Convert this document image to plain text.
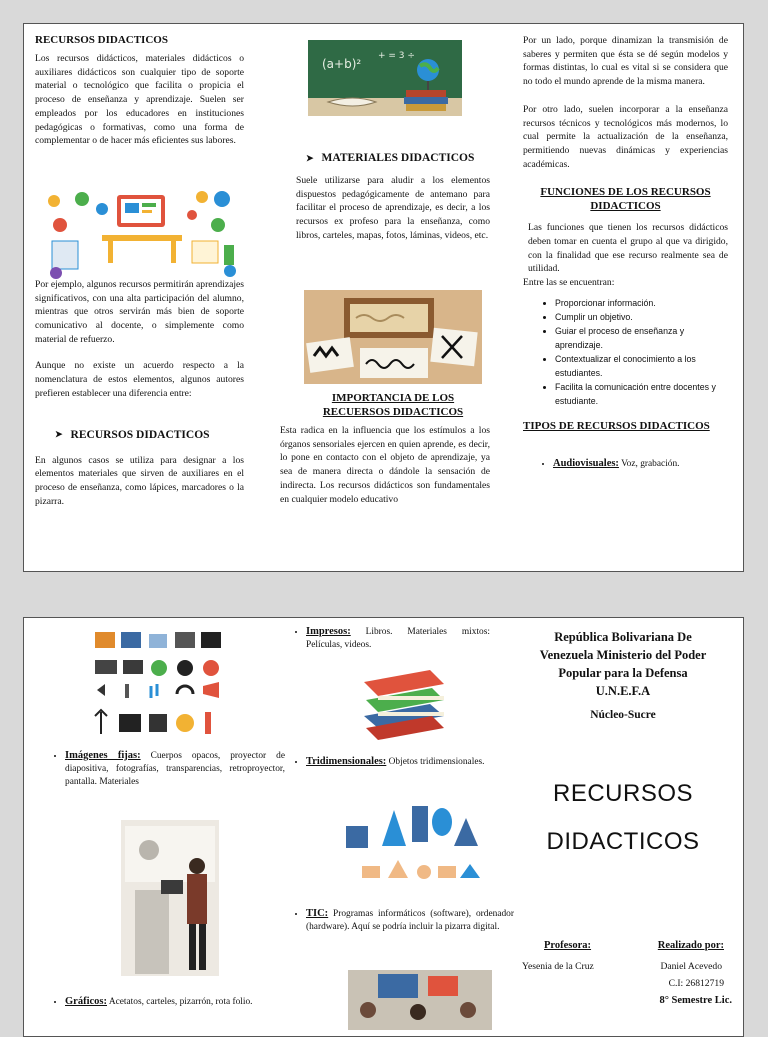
RECURSOS DIDACTICOS

Los recursos didácticos, materiales didácticos o auxiliares didácticos son cualquier tipo de soporte material o tecnológico que facilita o propicia el proceso de enseñanza y aprendizaje. Suelen ser empleados por los educadores en instituciones pedagógicas o formativas, como una forma de complementar o de hacer más eficientes sus labores.

Por ejemplo, algunos recursos permitirán aprendizajes significativos, con una alta participación del alumno, mientras que otros servirán más bien de soporte comunicativo al docente, o simplemente como material de refuerzo.

Aunque no existe un acuerdo respecto a la nomenclatura de estos elementos, algunos autores prefieren establecer una diferencia entre:

➤ RECURSOS DIDACTICOS

En algunos casos se utiliza para designar a los elementos materiales que sirven de auxiliares en el proceso de enseñanza, como lápices, marcadores o la pizarra.

(a+b)²
+ = 3 ÷
➤ MATERIALES DIDACTICOS

Suele utilizarse para aludir a los elementos dispuestos pedagógicamente de antemano para facilitar el proceso de aprendizaje, es decir, a los recursos ex profeso para la enseñanza, como libros, carteles, mapas, fotos, láminas, videos, etc.

IMPORTANCIA DE LOS
RECUERSOS DIDACTICOS

Esta radica en la influencia que los estímulos a los órganos sensoriales ejercen en quien aprende, es decir, lo pone en contacto con el objeto de aprendizaje, ya sea de manera directa o dándole la sensación de indirecta. Los recursos didácticos son fundamentales en cualquier modelo educativo

Por un lado, porque dinamizan la transmisión de saberes y permiten que ésta se dé según modelos y formas distintas, lo cual es vital si se considera que no todo el mundo aprende de la misma manera.

Por otro lado, suelen incorporar a la enseñanza recursos técnicos y tecnológicos más modernos, lo cual permite la actualización de la enseñanza, permitiendo nuevas dinámicas y experiencias académicas.

FUNCIONES DE LOS RECURSOS
DIDACTICOS

Las funciones que tienen los recursos didácticos deben tomar en cuenta el grupo al que va dirigido, con la finalidad que ese recurso realmente sea de utilidad.

Entre las se encuentran:

• Proporcionar información.
• Cumplir un objetivo.
• Guiar el proceso de enseñanza y aprendizaje.
• Contextualizar el conocimiento a los estudiantes.
• Facilita la comunicación entre docentes y estudiante.
TIPOS DE RECURSOS DIDACTICOS
• Audiovisuales: Voz, grabación.
• Imágenes fijas: Cuerpos opacos, proyector de diapositiva, fotografías, transparencias, retroproyector, pantalla. Materiales
• Gráficos: Acetatos, carteles, pizarrón, rota folio.
• Impresos: Libros. Materiales mixtos: Películas, videos.
• Tridimensionales: Objetos tridimensionales.
• TIC: Programas informáticos (software), ordenador (hardware). Aquí se podría incluir la pizarra digital.
República Bolivariana De
Venezuela Ministerio del Poder
Popular para la Defensa
U.N.E.F.A
Núcleo-Sucre
RECURSOS
DIDACTICOS
Profesora:	Realizado por:
Yesenia de la Cruz	Daniel Acevedo
C.I: 26812719
8° Semestre Lic.
